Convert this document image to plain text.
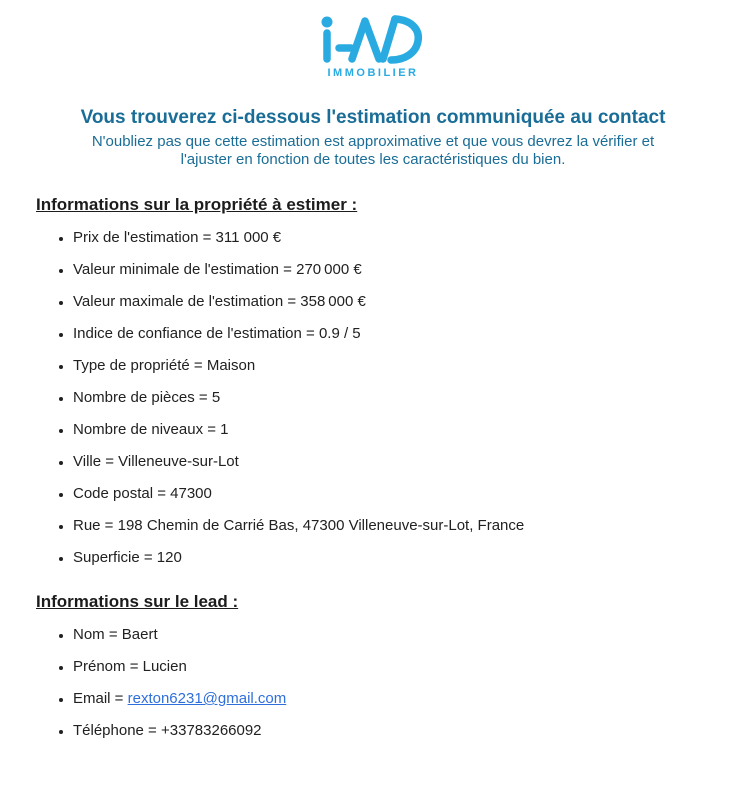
IMMOBILIER
Vous trouverez ci-dessous l'estimation communiquée au contact

N'oubliez pas que cette estimation est approximative et que vous devrez la vérifier et l'ajuster en fonction de toutes les caractéristiques du bien.

Informations sur la propriété à estimer :
• Prix de l'estimation = 311 000 €
• Valeur minimale de l'estimation = 270 000 €
• Valeur maximale de l'estimation = 358 000 €
• Indice de confiance de l'estimation = 0.9 / 5
• Type de propriété = Maison
• Nombre de pièces = 5
• Nombre de niveaux = 1
• Ville = Villeneuve-sur-Lot
• Code postal = 47300
• Rue = 198 Chemin de Carrié Bas, 47300 Villeneuve-sur-Lot, France
• Superficie = 120
Informations sur le lead :
• Nom = Baert
• Prénom = Lucien
• Email = rexton6231@gmail.com
• Téléphone = +33783266092
